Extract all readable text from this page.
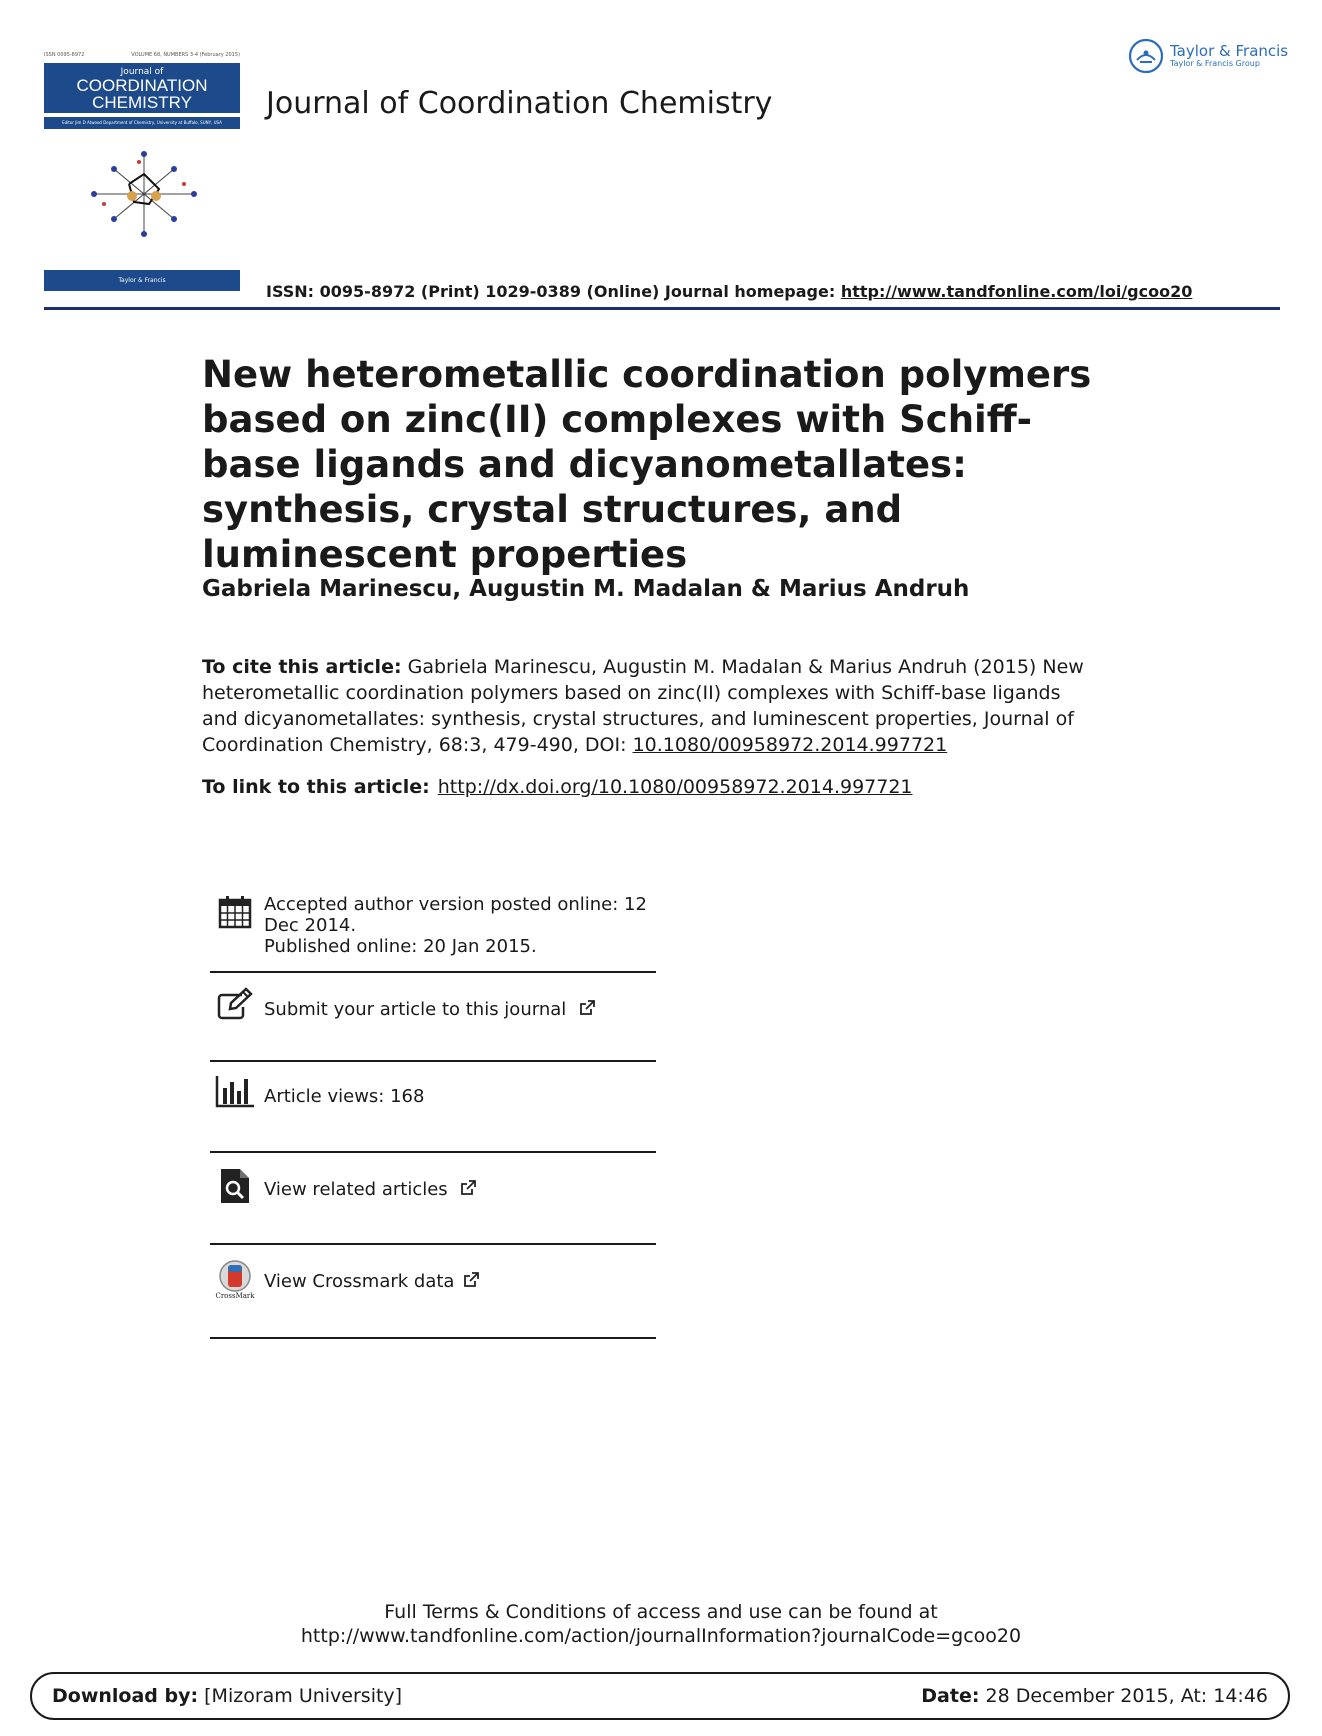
ISSN 0095-8972	VOLUME 68, NUMBERS 3-4 (February 2015)
Journal of
COORDINATION
CHEMISTRY
Editor Jim D Atwood Department of Chemistry, University at Buffalo, SUNY, USA
Taylor & Francis
Journal of Coordination Chemistry
Taylor & Francis
Taylor & Francis Group
ISSN: 0095-8972 (Print) 1029-0389 (Online) Journal homepage: http://www.tandfonline.com/loi/gcoo20
New heterometallic coordination polymers based on zinc(II) complexes with Schiff-base ligands and dicyanometallates: synthesis, crystal structures, and luminescent properties
Gabriela Marinescu, Augustin M. Madalan & Marius Andruh
To cite this article: Gabriela Marinescu, Augustin M. Madalan & Marius Andruh (2015) New heterometallic coordination polymers based on zinc(II) complexes with Schiff-base ligands and dicyanometallates: synthesis, crystal structures, and luminescent properties, Journal of Coordination Chemistry, 68:3, 479-490, DOI: 10.1080/00958972.2014.997721
To link to this article: http://dx.doi.org/10.1080/00958972.2014.997721
Accepted author version posted online: 12
Dec 2014.
Published online: 20 Jan 2015.
Submit your article to this journal
Article views: 168
View related articles
CrossMark
View Crossmark data
Full Terms & Conditions of access and use can be found at
http://www.tandfonline.com/action/journalInformation?journalCode=gcoo20
Download by: [Mizoram University]	Date: 28 December 2015, At: 14:46
